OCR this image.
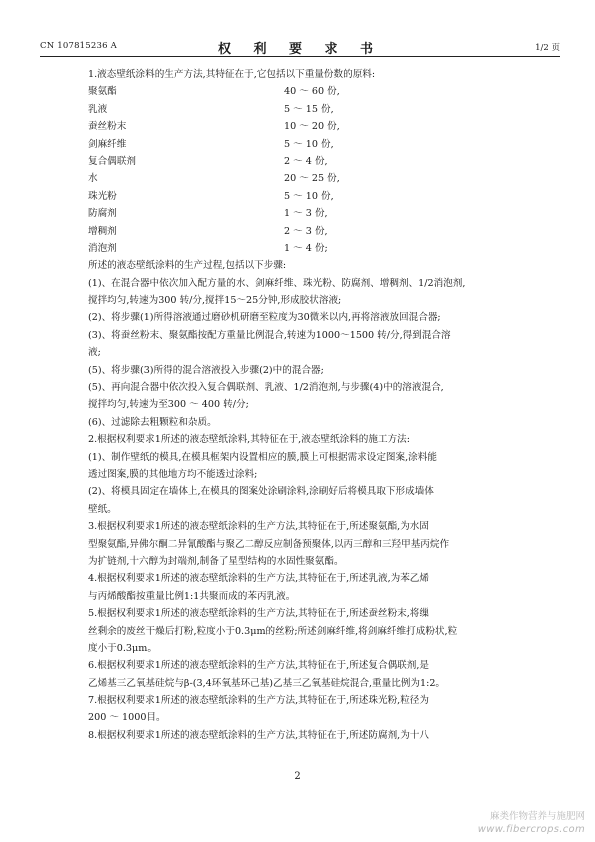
CN 107815236 A	权 利 要 求 书	1/2 页
1.液态壁纸涂料的生产方法,其特征在于,它包括以下重量份数的原料:
聚氨酯	40 ～ 60 份,
乳液	5 ～ 15 份,
蚕丝粉末	10 ～ 20 份,
剑麻纤维	5 ～ 10 份,
复合偶联剂	2 ～ 4 份,
水	20 ～ 25 份,
珠光粉	5 ～ 10 份,
防腐剂	1 ～ 3 份,
增稠剂	2 ～ 3 份,
消泡剂	1 ～ 4 份;
所述的液态壁纸涂料的生产过程,包括以下步骤:
(1)、在混合器中依次加入配方量的水、剑麻纤维、珠光粉、防腐剂、增稠剂、1/2消泡剂,
搅拌均匀,转速为300 转/分,搅拌15～25分钟,形成胶状溶液;
(2)、将步骤(1)所得溶液通过磨砂机研磨至粒度为30微米以内,再将溶液放回混合器;
(3)、将蚕丝粉末、聚氨酯按配方重量比例混合,转速为1000～1500 转/分,得到混合溶
液;
(5)、将步骤(3)所得的混合溶液投入步骤(2)中的混合器;
(5)、再向混合器中依次投入复合偶联剂、乳液、1/2消泡剂,与步骤(4)中的溶液混合,
搅拌均匀,转速为至300 ～ 400 转/分;
(6)、过滤除去粗颗粒和杂质。
2.根据权利要求1所述的液态壁纸涂料,其特征在于,液态壁纸涂料的施工方法:
(1)、制作壁纸的模具,在模具框架内设置相应的膜,膜上可根据需求设定图案,涂料能
透过图案,膜的其他地方均不能透过涂料;
(2)、将模具固定在墙体上,在模具的图案处涂刷涂料,涂刷好后将模具取下形成墙体
壁纸。
3.根据权利要求1所述的液态壁纸涂料的生产方法,其特征在于,所述聚氨酯,为水固
型聚氨酯,异佛尔酮二异氰酸酯与聚乙二醇反应制备预聚体,以丙三醇和三羟甲基丙烷作
为扩链剂,十六醇为封端剂,制备了星型结构的水固性聚氨酯。
4.根据权利要求1所述的液态壁纸涂料的生产方法,其特征在于,所述乳液,为苯乙烯
与丙烯酸酯按重量比例1:1共聚而成的苯丙乳液。
5.根据权利要求1所述的液态壁纸涂料的生产方法,其特征在于,所述蚕丝粉末,将缫
丝剩余的废丝干燥后打粉,粒度小于0.3μm的丝粉;所述剑麻纤维,将剑麻纤维打成粉状,粒
度小于0.3μm。
6.根据权利要求1所述的液态壁纸涂料的生产方法,其特征在于,所述复合偶联剂,是
乙烯基三乙氧基硅烷与β-(3,4环氧基环己基)乙基三乙氧基硅烷混合,重量比例为1:2。
7.根据权利要求1所述的液态壁纸涂料的生产方法,其特征在于,所述珠光粉,粒径为
200 ～ 1000目。
8.根据权利要求1所述的液态壁纸涂料的生产方法,其特征在于,所述防腐剂,为十八
2
麻类作物营养与施肥网
www.fibercrops.com
